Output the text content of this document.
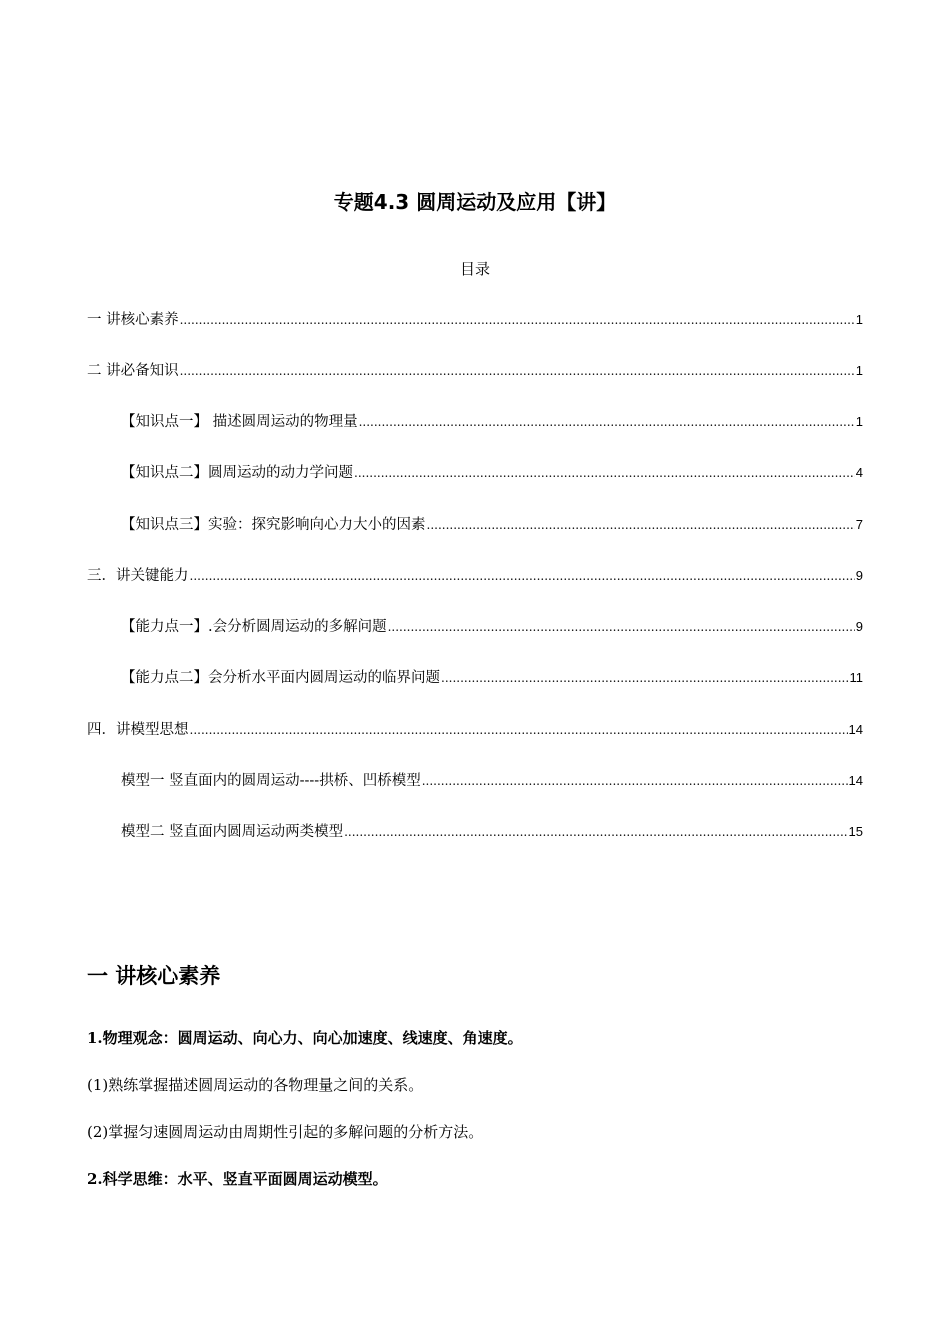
专题4.3 圆周运动及应用【讲】
目录
一 讲核心素养 .....	1
二 讲必备知识 .....	1
【知识点一】 描述圆周运动的物理量 .....	1
【知识点二】圆周运动的动力学问题 .....	4
【知识点三】实验：探究影响向心力大小的因素 .....	7
三．讲关键能力 .....	9
【能力点一】.会分析圆周运动的多解问题 .....	9
【能力点二】会分析水平面内圆周运动的临界问题 .....	11
四．讲模型思想 .....	14
模型一 竖直面内的圆周运动----拱桥、凹桥模型 .....	14
模型二 竖直面内圆周运动两类模型 .....	15
一 讲核心素养
1.物理观念：圆周运动、向心力、向心加速度、线速度、角速度。
(1)熟练掌握描述圆周运动的各物理量之间的关系。
(2)掌握匀速圆周运动由周期性引起的多解问题的分析方法。
2.科学思维：水平、竖直平面圆周运动模型。
